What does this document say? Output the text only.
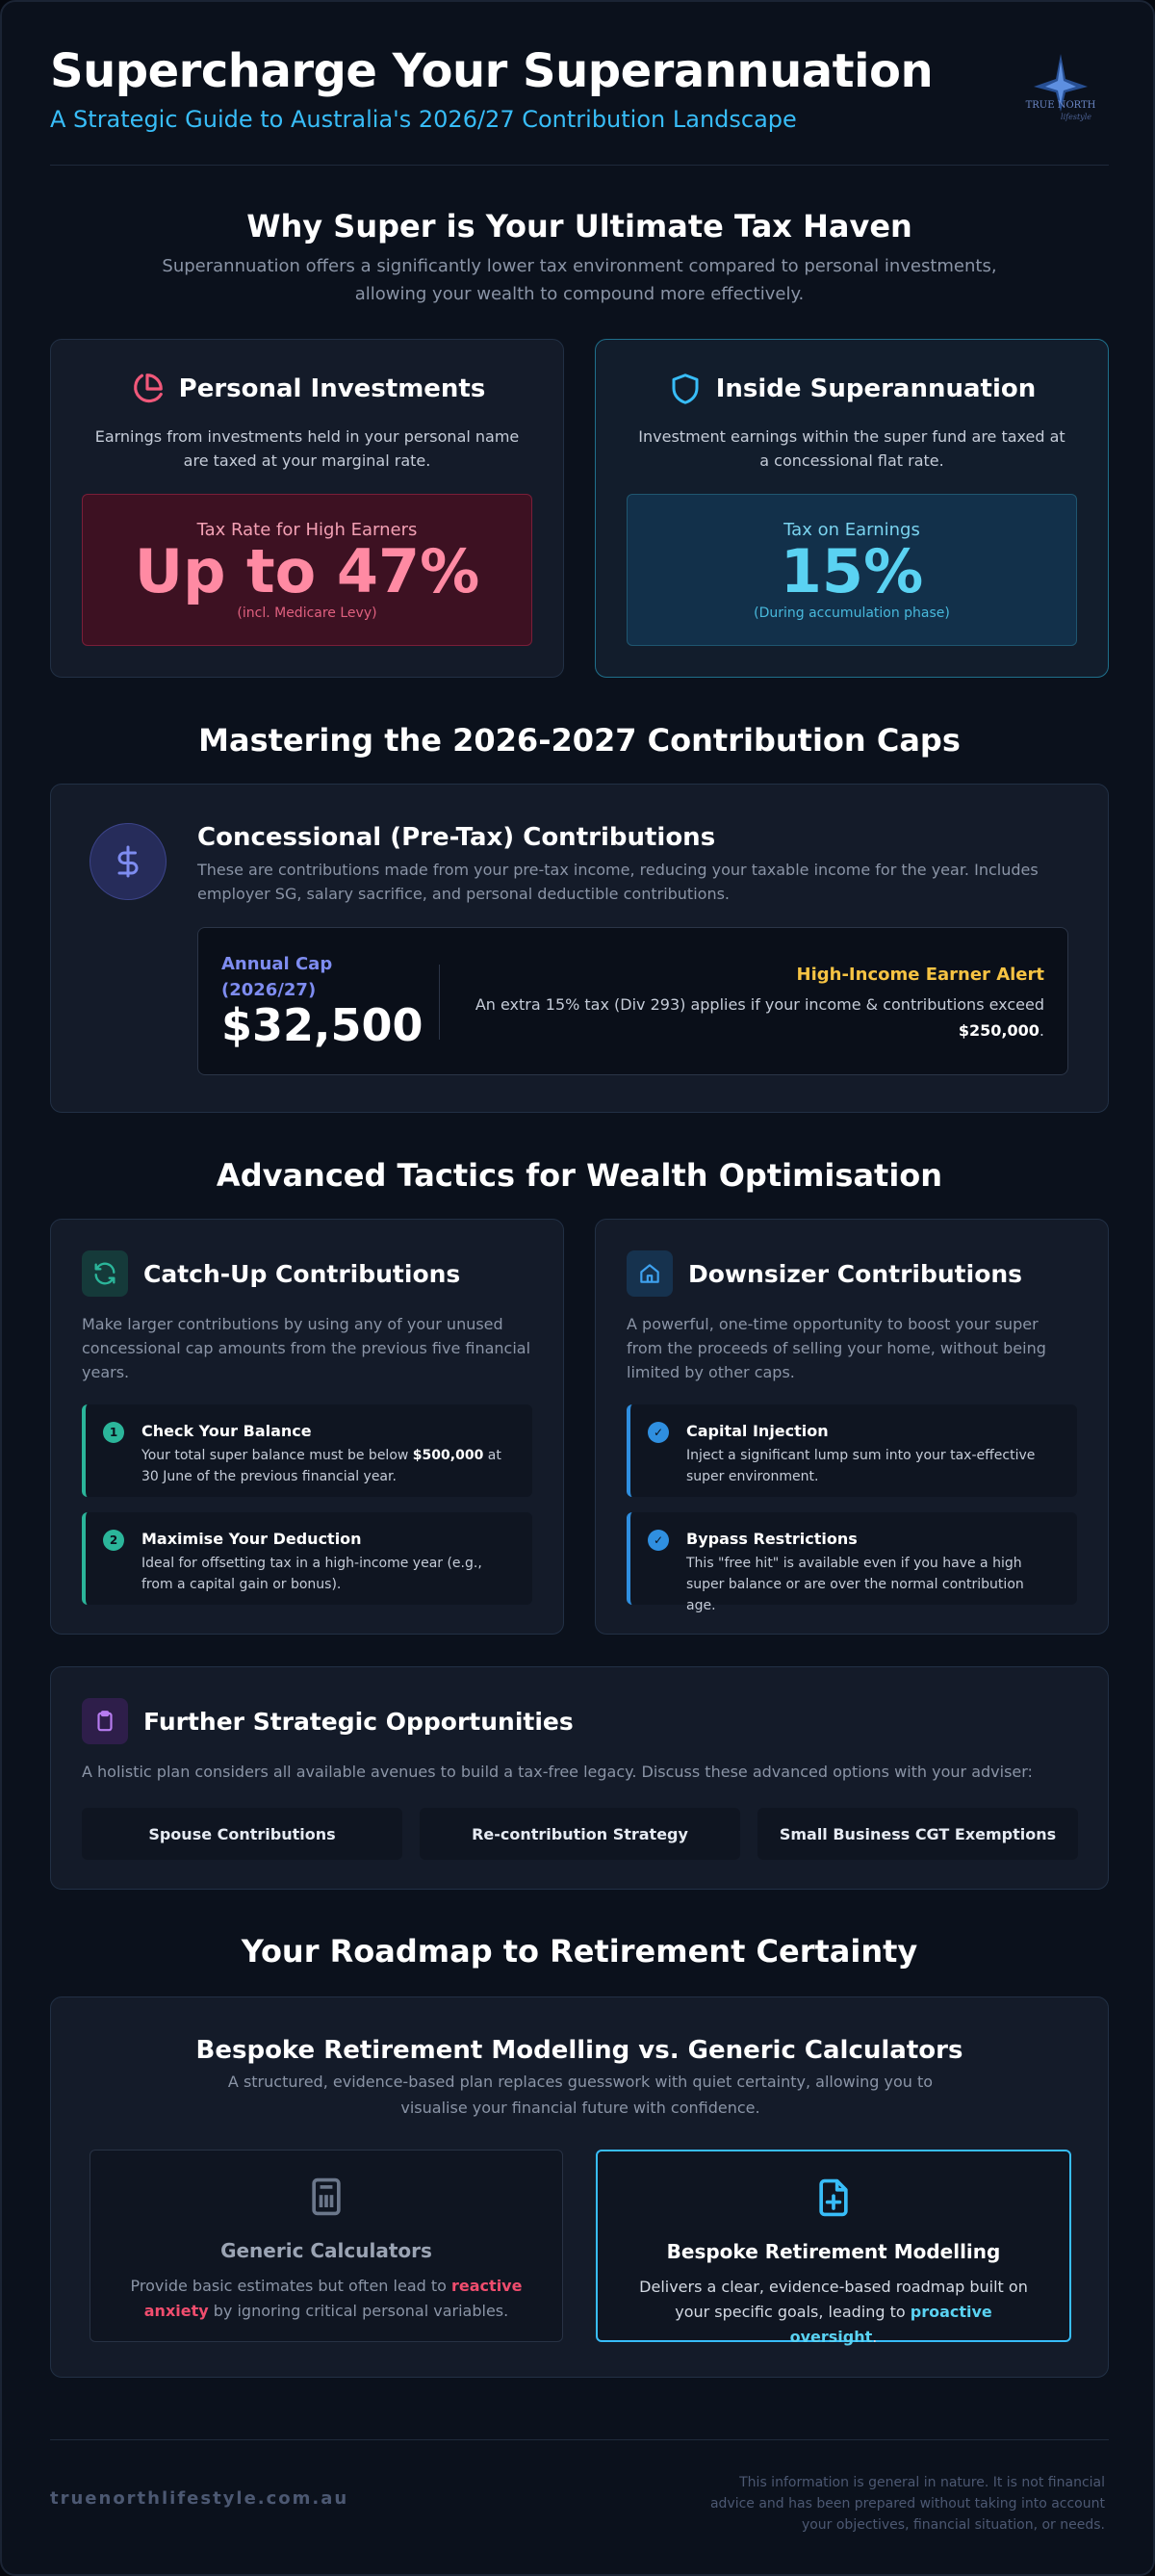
Supercharge Your Superannuation
A Strategic Guide to Australia's 2026/27 Contribution Landscape
TRUE NORTH
lifestyle
Why Super is Your Ultimate Tax Haven
Superannuation offers a significantly lower tax environment compared to personal investments, allowing your wealth to compound more effectively.
Personal Investments
Earnings from investments held in your personal name are taxed at your marginal rate.
Tax Rate for High Earners
Up to 47%
(incl. Medicare Levy)
Inside Superannuation
Investment earnings within the super fund are taxed at a concessional flat rate.
Tax on Earnings
15%
(During accumulation phase)
Mastering the 2026-2027 Contribution Caps
Concessional (Pre-Tax) Contributions
These are contributions made from your pre-tax income, reducing your taxable income for the year. Includes employer SG, salary sacrifice, and personal deductible contributions.
Annual Cap (2026/27)
$32,500
High-Income Earner Alert
An extra 15% tax (Div 293) applies if your income & contributions exceed $250,000.
Advanced Tactics for Wealth Optimisation
Catch-Up Contributions
Make larger contributions by using any of your unused concessional cap amounts from the previous five financial years.
1	Check Your Balance
Your total super balance must be below $500,000 at 30 June of the previous financial year.
2	Maximise Your Deduction
Ideal for offsetting tax in a high-income year (e.g., from a capital gain or bonus).
Downsizer Contributions
A powerful, one-time opportunity to boost your super from the proceeds of selling your home, without being limited by other caps.
✓	Capital Injection
Inject a significant lump sum into your tax-effective super environment.
✓	Bypass Restrictions
This "free hit" is available even if you have a high super balance or are over the normal contribution age.
Further Strategic Opportunities
A holistic plan considers all available avenues to build a tax-free legacy. Discuss these advanced options with your adviser:
Spouse Contributions	Re-contribution Strategy	Small Business CGT Exemptions
Your Roadmap to Retirement Certainty
Bespoke Retirement Modelling vs. Generic Calculators
A structured, evidence-based plan replaces guesswork with quiet certainty, allowing you to visualise your financial future with confidence.
Generic Calculators
Provide basic estimates but often lead to reactive anxiety by ignoring critical personal variables.
Bespoke Retirement Modelling
Delivers a clear, evidence-based roadmap built on your specific goals, leading to proactive oversight.
truenorthlifestyle.com.au
This information is general in nature. It is not financial advice and has been prepared without taking into account your objectives, financial situation, or needs.
